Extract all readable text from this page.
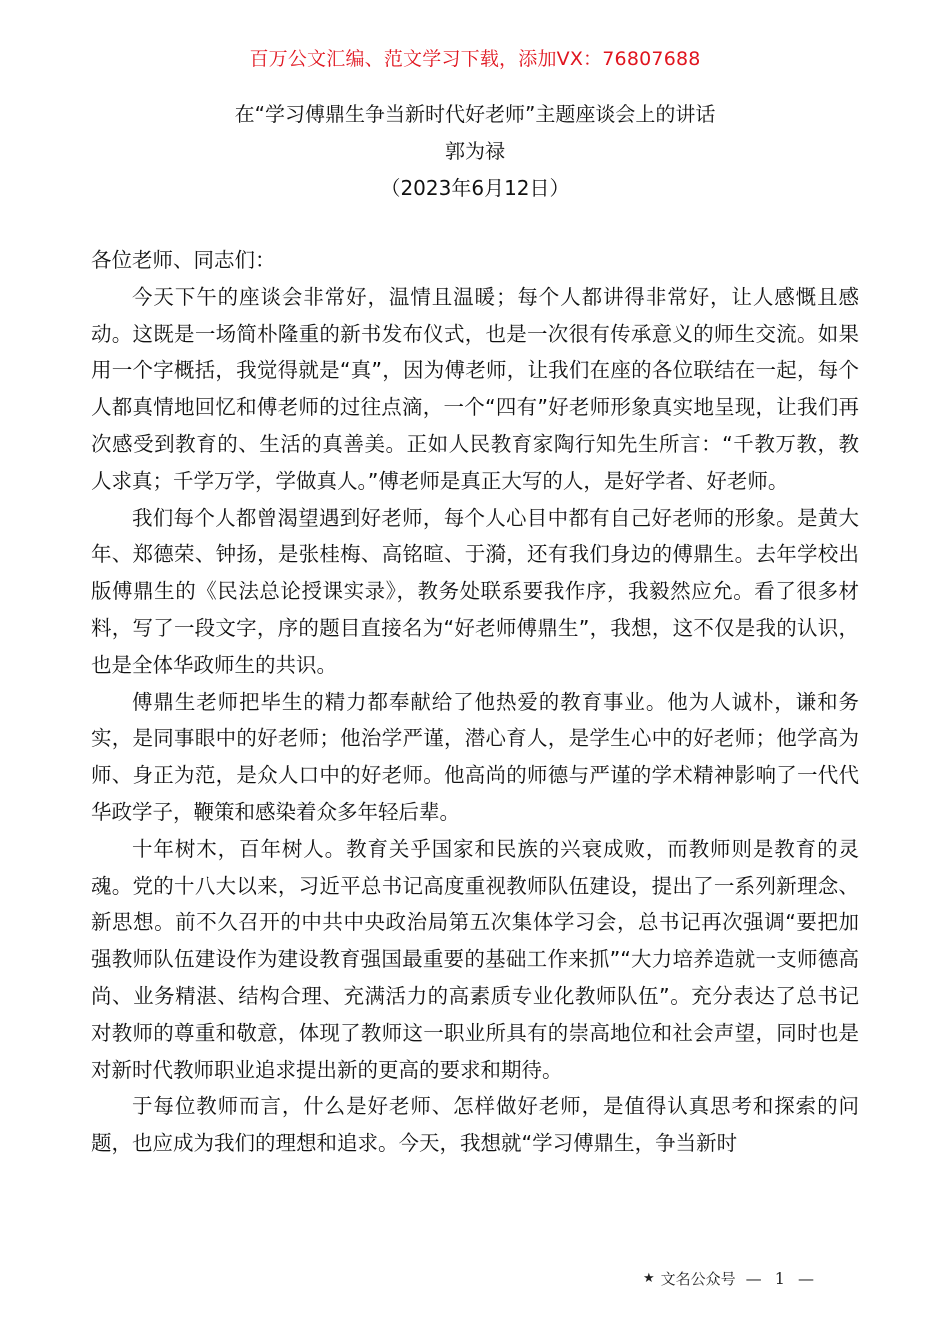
百万公文汇编、范文学习下载，添加VX：76807688
在“学习傅鼎生争当新时代好老师”主题座谈会上的讲话
郭为禄
（2023年6月12日）

各位老师、同志们：

今天下午的座谈会非常好，温情且温暖；每个人都讲得非常好，让人感慨且感动。这既是一场简朴隆重的新书发布仪式，也是一次很有传承意义的师生交流。如果用一个字概括，我觉得就是“真”，因为傅老师，让我们在座的各位联结在一起，每个人都真情地回忆和傅老师的过往点滴，一个“四有”好老师形象真实地呈现，让我们再次感受到教育的、生活的真善美。正如人民教育家陶行知先生所言：“千教万教，教人求真；千学万学，学做真人。”傅老师是真正大写的人，是好学者、好老师。

我们每个人都曾渴望遇到好老师，每个人心目中都有自己好老师的形象。是黄大年、郑德荣、钟扬，是张桂梅、高铭暄、于漪，还有我们身边的傅鼎生。去年学校出版傅鼎生的《民法总论授课实录》，教务处联系要我作序，我毅然应允。看了很多材料，写了一段文字，序的题目直接名为“好老师傅鼎生”，我想，这不仅是我的认识，也是全体华政师生的共识。

傅鼎生老师把毕生的精力都奉献给了他热爱的教育事业。他为人诚朴，谦和务实，是同事眼中的好老师；他治学严谨，潜心育人，是学生心中的好老师；他学高为师、身正为范，是众人口中的好老师。他高尚的师德与严谨的学术精神影响了一代代华政学子，鞭策和感染着众多年轻后辈。

十年树木，百年树人。教育关乎国家和民族的兴衰成败，而教师则是教育的灵魂。党的十八大以来，习近平总书记高度重视教师队伍建设，提出了一系列新理念、新思想。前不久召开的中共中央政治局第五次集体学习会，总书记再次强调“要把加强教师队伍建设作为建设教育强国最重要的基础工作来抓”“大力培养造就一支师德高尚、业务精湛、结构合理、充满活力的高素质专业化教师队伍”。充分表达了总书记对教师的尊重和敬意，体现了教师这一职业所具有的崇高地位和社会声望，同时也是对新时代教师职业追求提出新的更高的要求和期待。

于每位教师而言，什么是好老师、怎样做好老师，是值得认真思考和探索的问题，也应成为我们的理想和追求。今天，我想就“学习傅鼎生，争当新时

★ 文名公众号 — 1 —
